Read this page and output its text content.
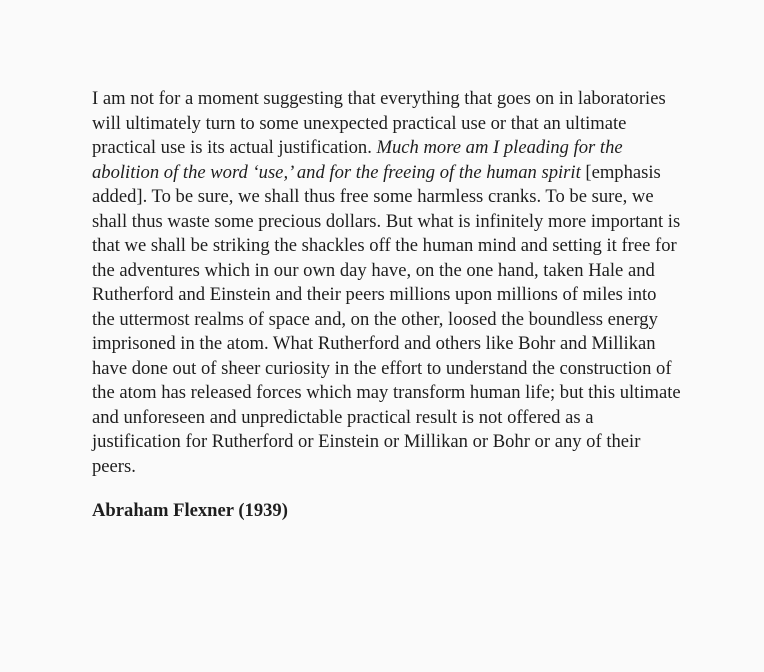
I am not for a moment suggesting that everything that goes on in laboratories will ultimately turn to some unexpected practical use or that an ultimate practical use is its actual justification. Much more am I pleading for the abolition of the word ‘use,’ and for the freeing of the human spirit [emphasis added]. To be sure, we shall thus free some harmless cranks. To be sure, we shall thus waste some precious dollars. But what is infinitely more important is that we shall be striking the shackles off the human mind and setting it free for the adventures which in our own day have, on the one hand, taken Hale and Rutherford and Einstein and their peers millions upon millions of miles into the uttermost realms of space and, on the other, loosed the boundless energy imprisoned in the atom. What Rutherford and others like Bohr and Millikan have done out of sheer curiosity in the effort to understand the construction of the atom has released forces which may transform human life; but this ultimate and unforeseen and unpredictable practical result is not offered as a justification for Rutherford or Einstein or Millikan or Bohr or any of their peers.

Abraham Flexner (1939)
